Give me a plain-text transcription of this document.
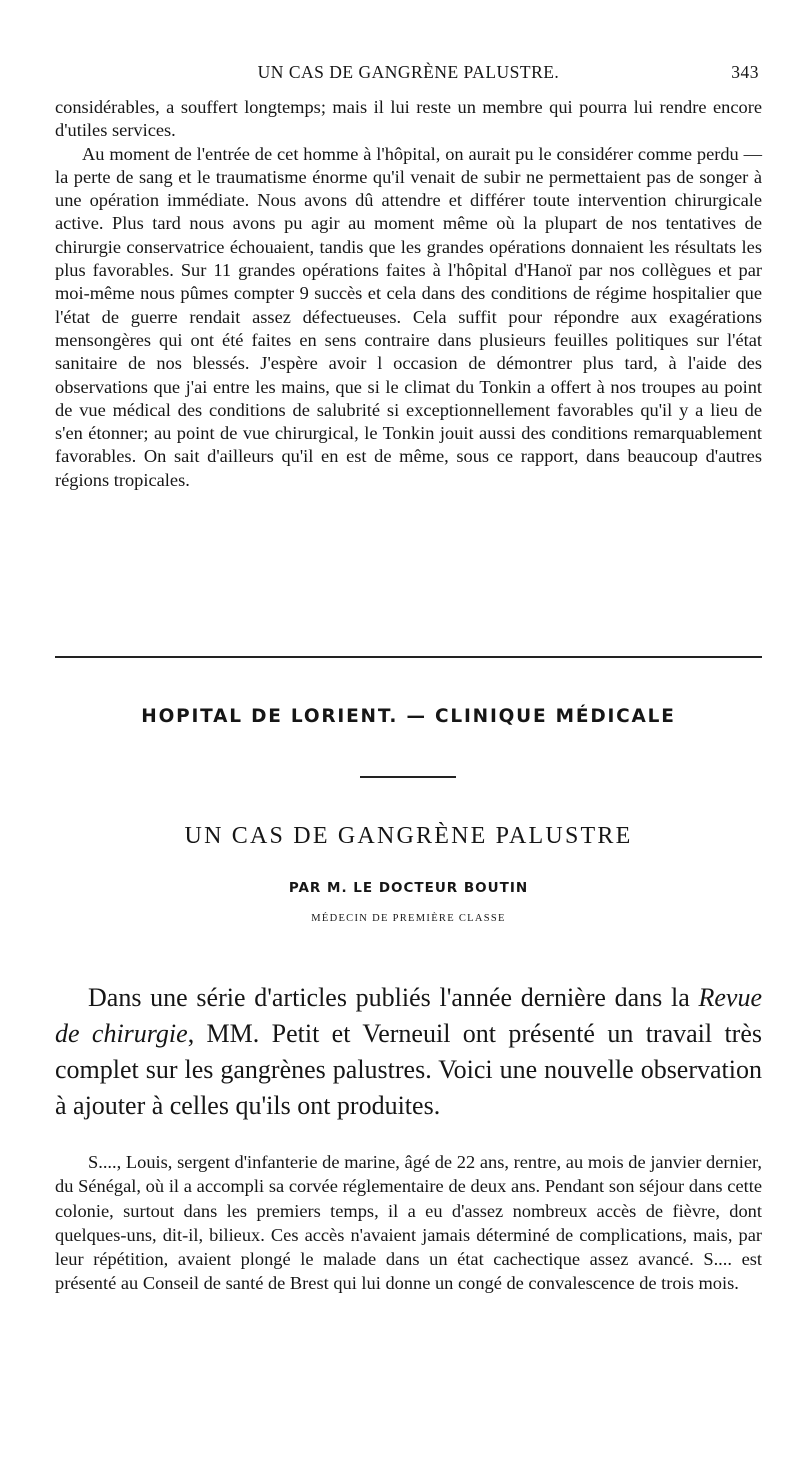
UN CAS DE GANGRÈNE PALUSTRE.	343

considérables, a souffert longtemps; mais il lui reste un membre qui pourra lui rendre encore d'utiles services.

Au moment de l'entrée de cet homme à l'hôpital, on aurait pu le considérer comme perdu — la perte de sang et le traumatisme énorme qu'il venait de subir ne permettaient pas de songer à une opération immédiate. Nous avons dû attendre et différer toute intervention chirurgicale active. Plus tard nous avons pu agir au moment même où la plupart de nos tentatives de chirurgie conservatrice échouaient, tandis que les grandes opérations donnaient les résultats les plus favorables. Sur 11 grandes opérations faites à l'hôpital d'Hanoï par nos collègues et par moi-même nous pûmes compter 9 succès et cela dans des conditions de régime hospitalier que l'état de guerre rendait assez défectueuses. Cela suffit pour répondre aux exagérations mensongères qui ont été faites en sens contraire dans plusieurs feuilles politiques sur l'état sanitaire de nos blessés. J'espère avoir l occasion de démontrer plus tard, à l'aide des observations que j'ai entre les mains, que si le climat du Tonkin a offert à nos troupes au point de vue médical des conditions de salubrité si exceptionnellement favorables qu'il y a lieu de s'en étonner; au point de vue chirurgical, le Tonkin jouit aussi des conditions remarquablement favorables. On sait d'ailleurs qu'il en est de même, sous ce rapport, dans beaucoup d'autres régions tropicales.

HOPITAL DE LORIENT. — CLINIQUE MÉDICALE
UN CAS DE GANGRÈNE PALUSTRE
PAR M. LE DOCTEUR BOUTIN
MÉDECIN DE PREMIÈRE CLASSE

Dans une série d'articles publiés l'année dernière dans la Revue de chirurgie, MM. Petit et Verneuil ont présenté un travail très complet sur les gangrènes palustres. Voici une nouvelle observation à ajouter à celles qu'ils ont produites.

S...., Louis, sergent d'infanterie de marine, âgé de 22 ans, rentre, au mois de janvier dernier, du Sénégal, où il a accompli sa corvée réglementaire de deux ans. Pendant son séjour dans cette colonie, surtout dans les premiers temps, il a eu d'assez nombreux accès de fièvre, dont quelques-uns, dit-il, bilieux. Ces accès n'avaient jamais déterminé de complications, mais, par leur répétition, avaient plongé le malade dans un état cachectique assez avancé. S.... est présenté au Conseil de santé de Brest qui lui donne un congé de convalescence de trois mois.
